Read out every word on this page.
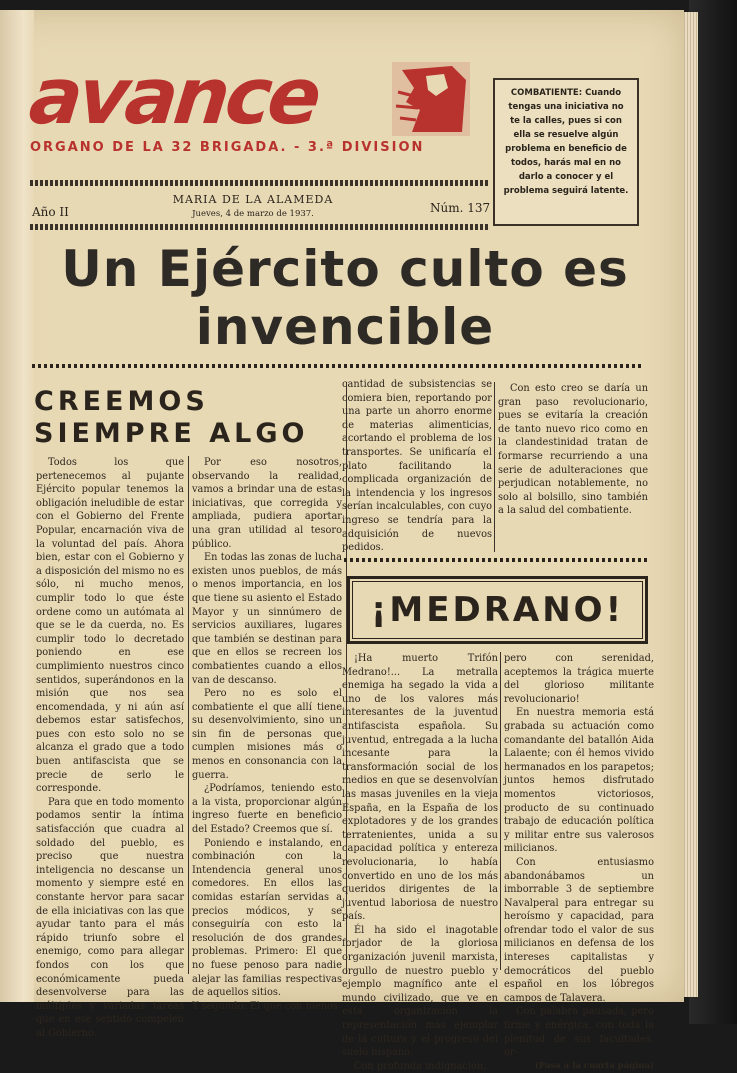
avance
ORGANO DE LA 32 BRIGADA. - 3.ª DIVISION
COMBATIENTE: Cuando tengas una iniciativa no te la calles, pues si con ella se resuelve algún problema en beneficio de todos, harás mal en no darlo a conocer y el problema seguirá latente.
Año II
MARIA DE LA ALAMEDA
Jueves, 4 de marzo de 1937.	Núm. 137
Un Ejército culto es invencible
CREEMOS SIEMPRE ALGO

Todos los que pertenecemos al pujante Ejército popular tenemos la obligación ineludible de estar con el Gobierno del Frente Popular, encarnación viva de la voluntad del país. Ahora bien, estar con el Gobierno y a disposición del mismo no es sólo, ni mucho menos, cumplir todo lo que éste ordene como un autómata al que se le da cuerda, no. Es cumplir todo lo decretado poniendo en ese cumplimiento nuestros cinco sentidos, superándonos en la misión que nos sea encomendada, y ni aún así debemos estar satisfechos, pues con esto solo no se alcanza el grado que a todo buen antifascista que se precie de serlo le corresponde.

Para que en todo momento podamos sentir la íntima satisfacción que cuadra al soldado del pueblo, es preciso que nuestra inteligencia no descanse un momento y siempre esté en constante hervor para sacar de ella iniciativas con las que ayudar tanto para el más rápido triunfo sobre el enemigo, como para allegar fondos con los que económicamente pueda desenvolverse para las múltiples y variadas tareas que en ese sentido compelen al Gobierno.

Por eso nosotros, observando la realidad, vamos a brindar una de estas iniciativas, que corregida y ampliada, pudiera aportar una gran utilidad al tesoro público.

En todas las zonas de lucha existen unos pueblos, de más o menos importancia, en los que tiene su asiento el Estado Mayor y un sinnúmero de servicios auxiliares, lugares que también se destinan para que en ellos se recreen los combatientes cuando a ellos van de descanso.

Pero no es solo el combatiente el que allí tiene su desenvolvimiento, sino un sin fin de personas que cumplen misiones más o menos en consonancia con la guerra.

¿Podríamos, teniendo esto a la vista, proporcionar algún ingreso fuerte en beneficio del Estado? Creemos que sí.

Poniendo e instalando, en combinación con la Intendencia general unos comedores. En ellos las comidas estarían servidas a precios módicos, y se conseguiría con esto la resolución de dos grandes problemas. Primero: El que no fuese penoso para nadie alejar las familias respectivas de aquellos sitios.

Y segundo: El que con menos

cantidad de subsistencias se comiera bien, reportando por una parte un ahorro enorme de materias alimenticias, acortando el problema de los transportes. Se unificaría el plato facilitando la complicada organización de la intendencia y los ingresos serían incalculables, con cuyo ingreso se tendría para la adquisición de nuevos pedidos.

Con esto creo se daría un gran paso revolucionario, pues se evitaría la creación de tanto nuevo rico como en la clandestinidad tratan de formarse recurriendo a una serie de adulteraciones que perjudican notablemente, no solo al bolsillo, sino también a la salud del combatiente.

¡MEDRANO!

¡Ha muerto Trifón Medrano!... La metralla enemiga ha segado la vida a uno de los valores más interesantes de la juventud antifascista española. Su juventud, entregada a la lucha incesante para la transformación social de los medios en que se desenvolvían las masas juveniles en la vieja España, en la España de los explotadores y de los grandes terratenientes, unida a su capacidad política y entereza revolucionaria, lo había convertido en uno de los más queridos dirigentes de la juventud laboriosa de nuestro país.

Él ha sido el inagotable forjador de la gloriosa organización juvenil marxista, orgullo de nuestro pueblo y ejemplo magnífico ante el mundo civilizado, que ve en esta organización la representación más ejemplar de la cultura y el progreso del suelo hispano.

Con profunda indignación,

pero con serenidad, aceptemos la trágica muerte del glorioso militante revolucionario!

En nuestra memoria está grabada su actuación como comandante del batallón Aida Lalaente; con él hemos vivido hermanados en los parapetos; juntos hemos disfrutado momentos victoriosos, producto de su continuado trabajo de educación política y militar entre sus valerosos milicianos.

Con entusiasmo abandonábamos un imborrable 3 de septiembre Navalperal para entregar su heroísmo y capacidad, para ofrendar todo el valor de sus milicianos en defensa de los intereses capitalistas y democráticos del pueblo español en los lóbregos campos de Talavera.

Con palabra pausada, pero firme y enérgica, con toda la plenitud de sus facultades, or-

(Pasa a la cuarta página)
